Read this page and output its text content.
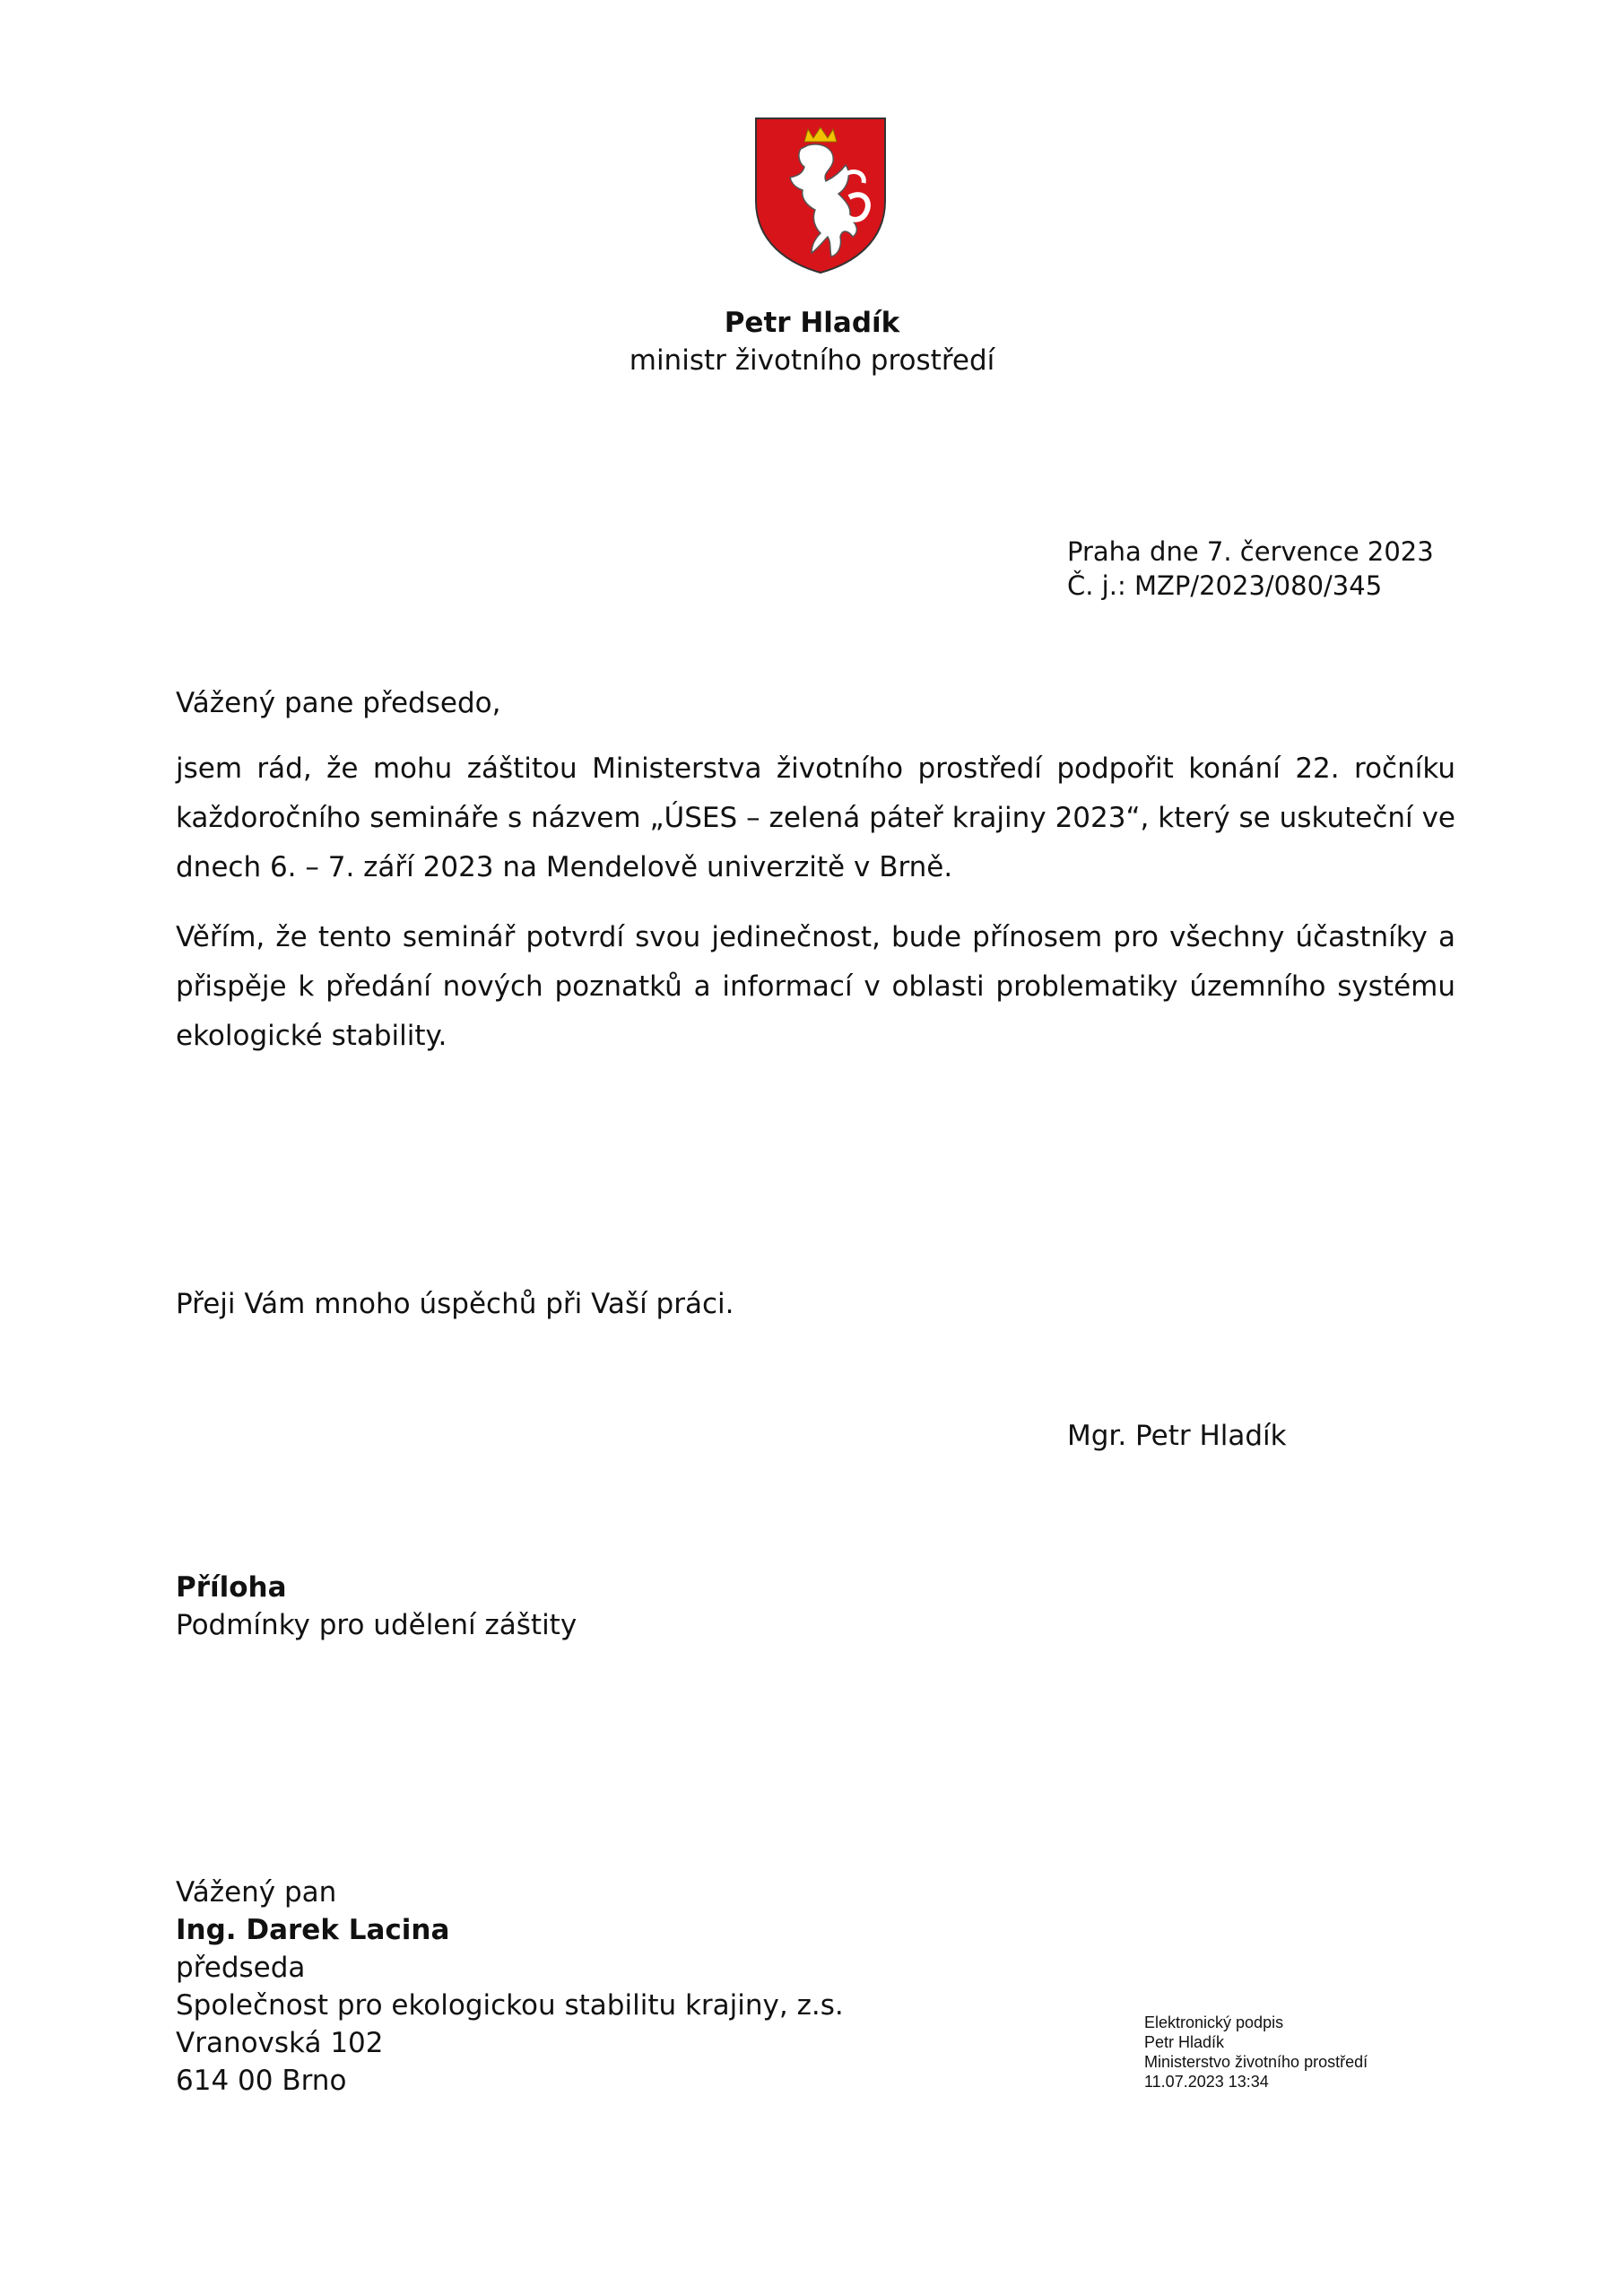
Petr Hladík
ministr životního prostředí
Praha dne 7. července 2023
Č. j.: MZP/2023/080/345
Vážený pane předsedo,
jsem rád, že mohu záštitou Ministerstva životního prostředí podpořit konání 22. ročníku každoročního semináře s názvem „ÚSES – zelená páteř krajiny 2023“, který se uskuteční ve dnech 6. – 7. září 2023 na Mendelově univerzitě v Brně.
Věřím, že tento seminář potvrdí svou jedinečnost, bude přínosem pro všechny účastníky a přispěje k předání nových poznatků a informací v oblasti problematiky územního systému ekologické stability.
Přeji Vám mnoho úspěchů při Vaší práci.
Mgr. Petr Hladík
Příloha
Podmínky pro udělení záštity
Vážený pan
Ing. Darek Lacina
předseda
Společnost pro ekologickou stabilitu krajiny, z.s.
Vranovská 102
614 00 Brno
Elektronický podpis
Petr Hladík
Ministerstvo životního prostředí
11.07.2023 13:34
